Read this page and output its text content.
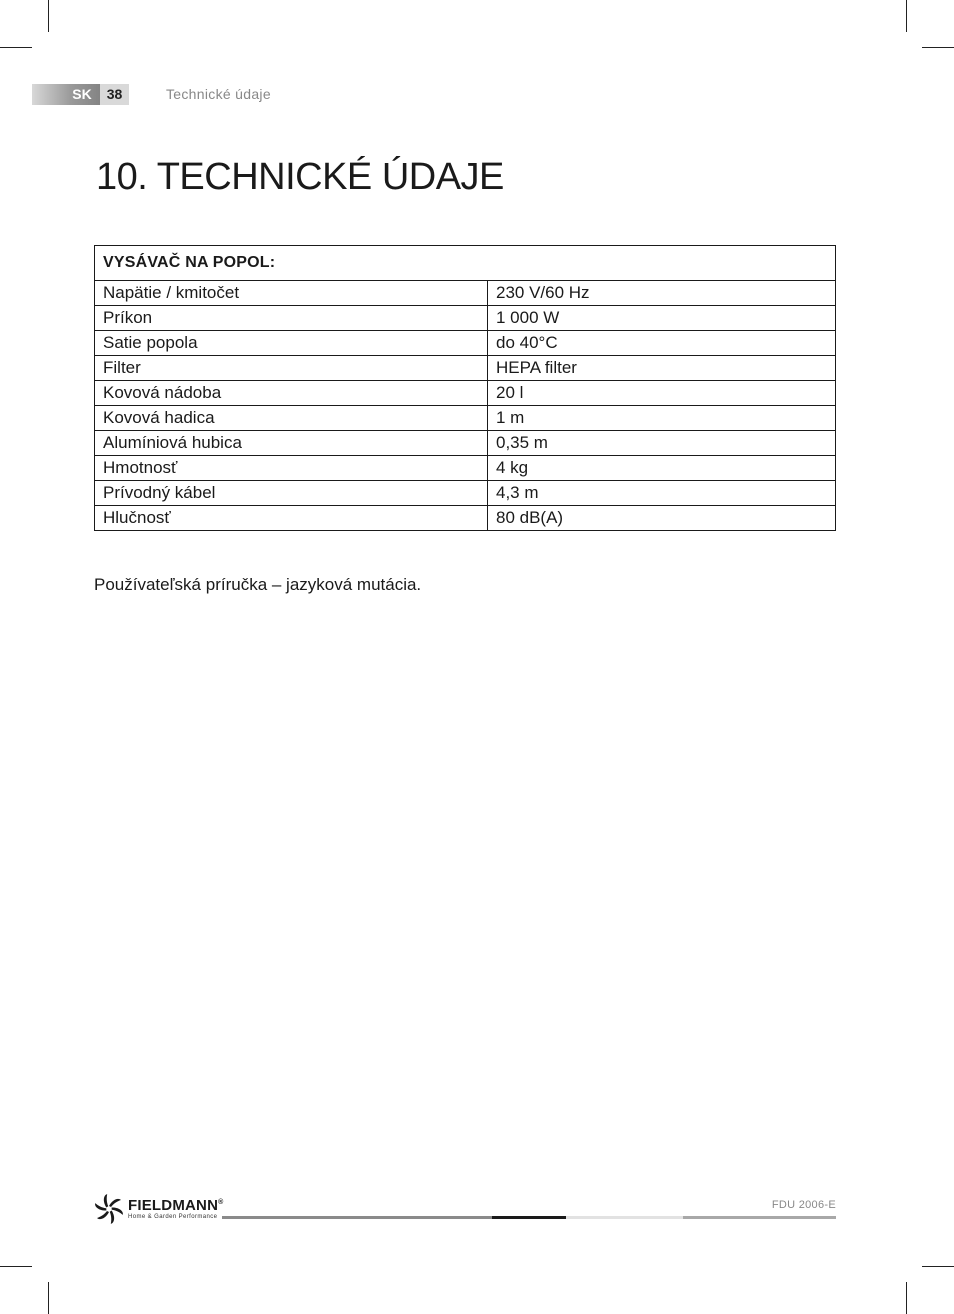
SK	38	Technické údaje
10. TECHNICKÉ ÚDAJE
VYSÁVAČ NA POPOL:	
Napätie / kmitočet	230 V/60 Hz
Príkon	1 000 W
Satie popola	do 40°C
Filter	HEPA filter
Kovová nádoba	20 l
Kovová hadica	1 m
Alumíniová hubica	0,35 m
Hmotnosť	4 kg
Prívodný kábel	4,3 m
Hlučnosť	80 dB(A)
Používateľská príručka – jazyková mutácia.
FIELDMANN®
Home & Garden Performance
FDU 2006-E
